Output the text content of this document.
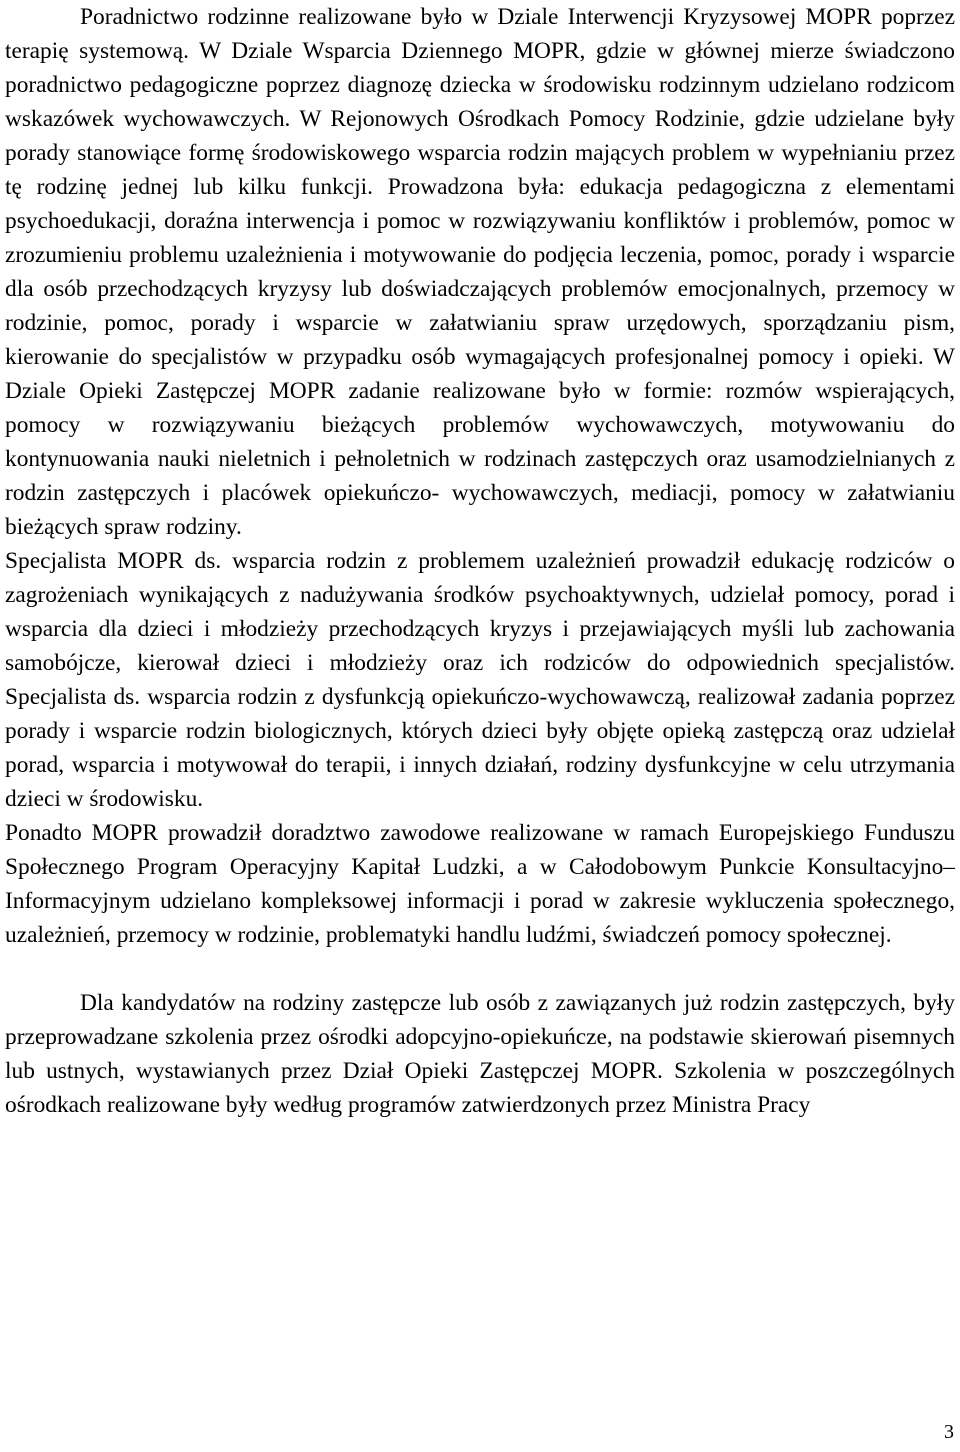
Poradnictwo rodzinne realizowane było w Dziale Interwencji Kryzysowej MOPR poprzez terapię systemową. W Dziale Wsparcia Dziennego MOPR, gdzie w głównej mierze świadczono poradnictwo pedagogiczne poprzez diagnozę dziecka w środowisku rodzinnym udzielano rodzicom wskazówek wychowawczych. W Rejonowych Ośrodkach Pomocy Rodzinie, gdzie udzielane były porady stanowiące formę środowiskowego wsparcia rodzin mających problem w wypełnianiu przez tę rodzinę jednej lub kilku funkcji. Prowadzona była: edukacja pedagogiczna z elementami psychoedukacji, doraźna interwencja i pomoc w rozwiązywaniu konfliktów i problemów, pomoc w zrozumieniu problemu uzależnienia i motywowanie do podjęcia leczenia, pomoc, porady i wsparcie dla osób przechodzących kryzysy lub doświadczających problemów emocjonalnych, przemocy w rodzinie, pomoc, porady i wsparcie w załatwianiu spraw urzędowych, sporządzaniu pism, kierowanie do specjalistów w przypadku osób wymagających profesjonalnej pomocy i opieki. W Dziale Opieki Zastępczej MOPR zadanie realizowane było w formie: rozmów wspierających, pomocy w rozwiązywaniu bieżących problemów wychowawczych, motywowaniu do kontynuowania nauki nieletnich i pełnoletnich w rodzinach zastępczych oraz usamodzielnianych z rodzin zastępczych i placówek opiekuńczo- wychowawczych, mediacji, pomocy w załatwianiu bieżących spraw rodziny.

Specjalista MOPR ds. wsparcia rodzin z problemem uzależnień prowadził edukację rodziców o zagrożeniach wynikających z nadużywania środków psychoaktywnych, udzielał pomocy, porad i wsparcia dla dzieci i młodzieży przechodzących kryzys i przejawiających myśli lub zachowania samobójcze, kierował dzieci i młodzieży oraz ich rodziców do odpowiednich specjalistów. Specjalista ds. wsparcia rodzin z dysfunkcją opiekuńczo-wychowawczą, realizował zadania poprzez porady i wsparcie rodzin biologicznych, których dzieci były objęte opieką zastępczą oraz udzielał porad, wsparcia i motywował do terapii, i innych działań, rodziny dysfunkcyjne w celu utrzymania dzieci w środowisku.

Ponadto MOPR prowadził doradztwo zawodowe realizowane w ramach Europejskiego Funduszu Społecznego Program Operacyjny Kapitał Ludzki, a w Całodobowym Punkcie Konsultacyjno–Informacyjnym udzielano kompleksowej informacji i porad w zakresie wykluczenia społecznego, uzależnień, przemocy w rodzinie, problematyki handlu ludźmi, świadczeń pomocy społecznej.

Dla kandydatów na rodziny zastępcze lub osób z zawiązanych już rodzin zastępczych, były przeprowadzane szkolenia przez ośrodki adopcyjno-opiekuńcze, na podstawie skierowań pisemnych lub ustnych, wystawianych przez Dział Opieki Zastępczej MOPR. Szkolenia w poszczególnych ośrodkach realizowane były według programów zatwierdzonych przez Ministra Pracy

3
